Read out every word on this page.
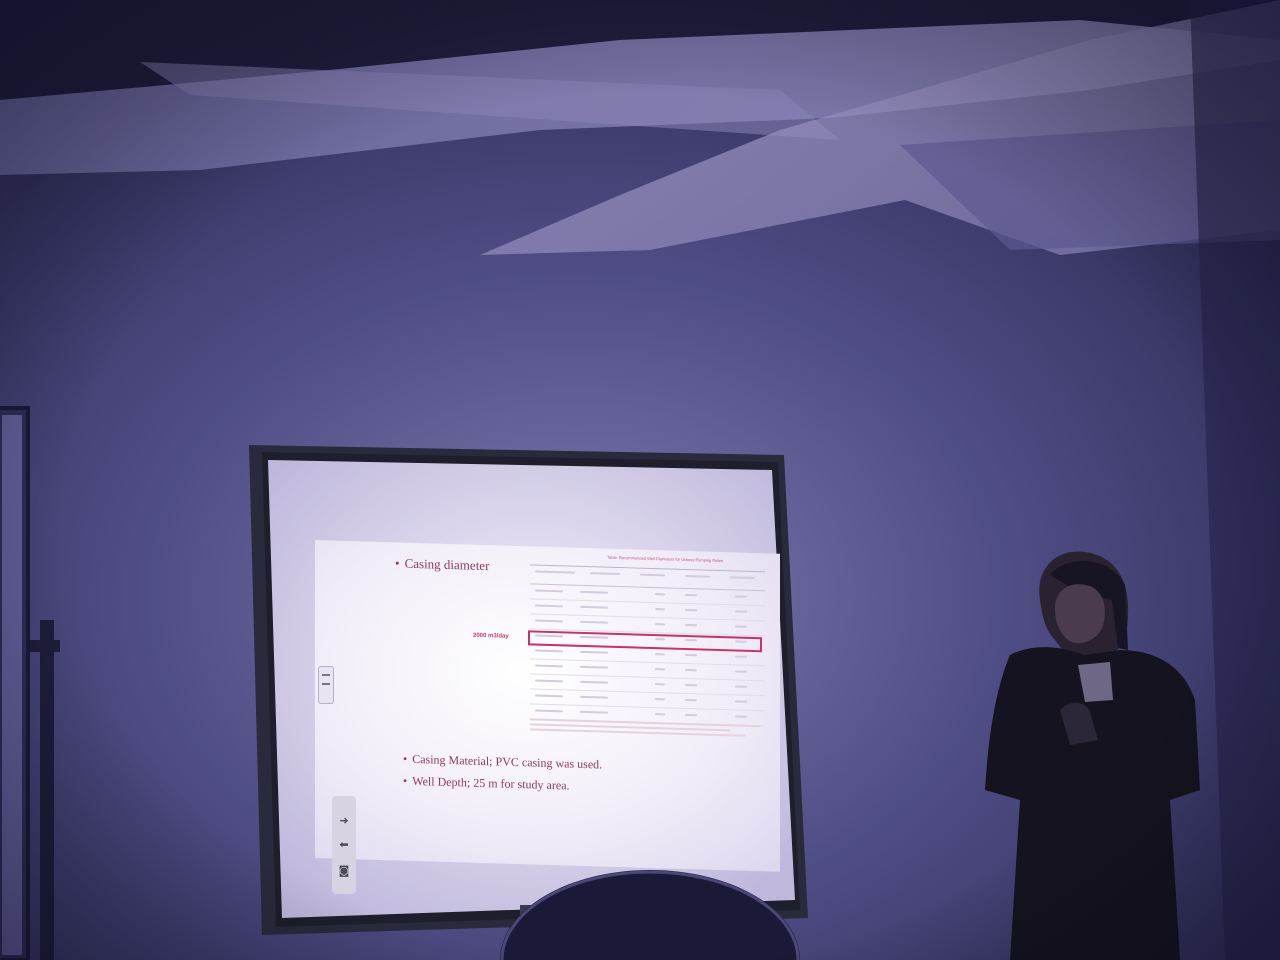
• Casing diameter	Table: Recommended Well Diameters for Various Pumping Rates
2000 m3/day
• Casing Material; PVC casing was used.
• Well Depth; 25 m for study area.
➜
⬅
◙
